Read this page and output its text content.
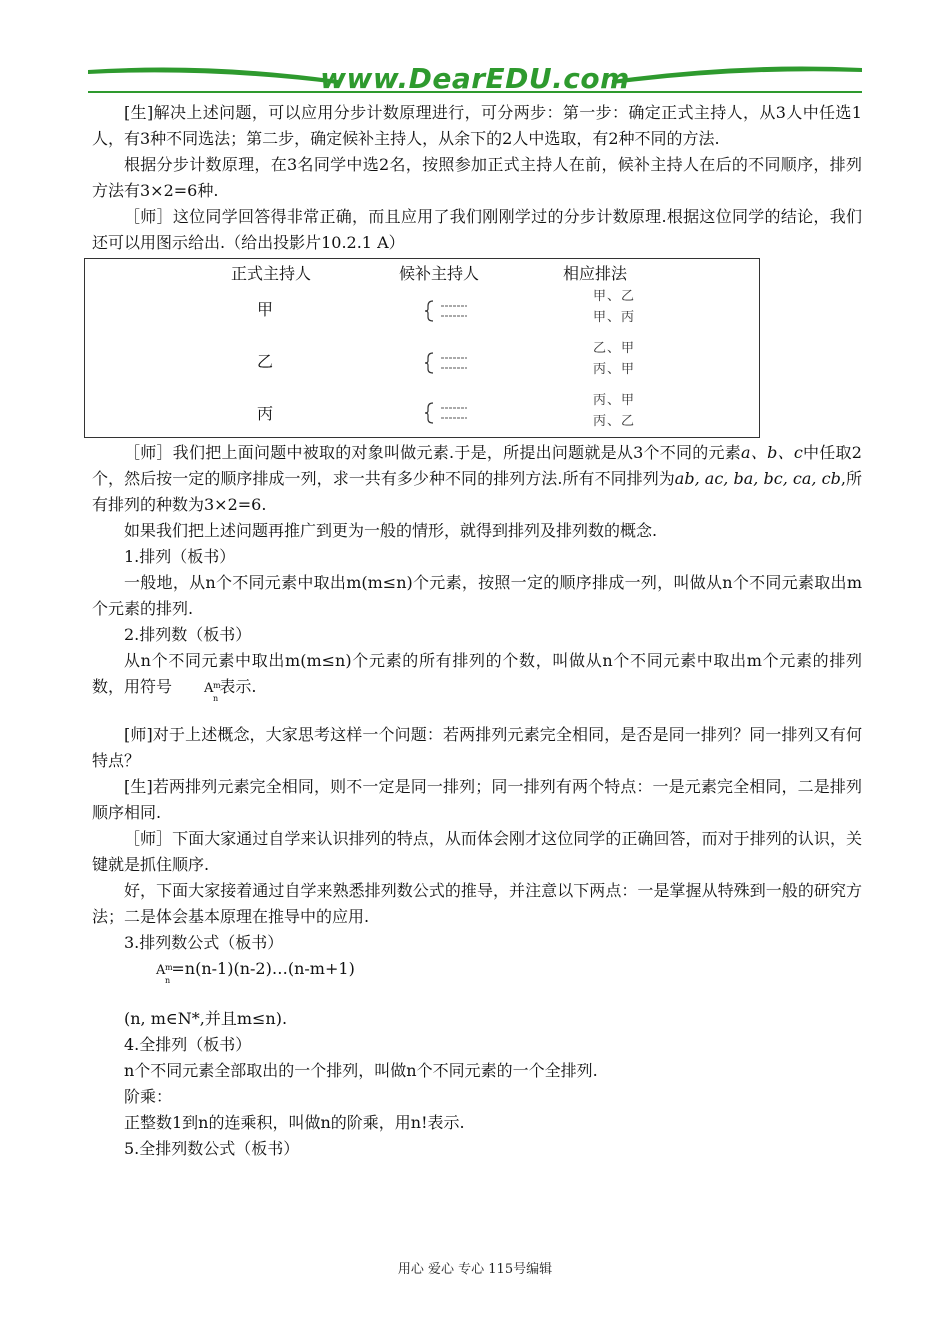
www.DearEDU.com

[生]解决上述问题，可以应用分步计数原理进行，可分两步：第一步：确定正式主持人，从3人中任选1人，有3种不同选法；第二步，确定候补主持人，从余下的2人中选取，有2种不同的方法.

根据分步计数原理，在3名同学中选2名，按照参加正式主持人在前，候补主持人在后的不同顺序，排列方法有3×2=6种.

［师］这位同学回答得非常正确，而且应用了我们刚刚学过的分步计数原理.根据这位同学的结论，我们还可以用图示给出.（给出投影片10.2.1 A）

正式主持人	候补主持人	相应排法
甲
甲、乙
甲、丙
乙
乙、甲
丙、甲
丙
丙、甲
丙、乙

［师］我们把上面问题中被取的对象叫做元素.于是，所提出问题就是从3个不同的元素a、b、c中任取2个，然后按一定的顺序排成一列，求一共有多少种不同的排列方法.所有不同排列为ab, ac, ba, bc, ca, cb,所有排列的种数为3×2=6.

如果我们把上述问题再推广到更为一般的情形，就得到排列及排列数的概念.

1.排列（板书）

一般地，从n个不同元素中取出m(m≤n)个元素，按照一定的顺序排成一列，叫做从n个不同元素取出m个元素的排列.

2.排列数（板书）

从n个不同元素中取出m(m≤n)个元素的所有排列的个数，叫做从n个不同元素中取出m个元素的排列数，用符号 A m
n
表示.

[师]对于上述概念，大家思考这样一个问题：若两排列元素完全相同，是否是同一排列？同一排列又有何特点？

[生]若两排列元素完全相同，则不一定是同一排列；同一排列有两个特点：一是元素完全相同，二是排列顺序相同.

［师］下面大家通过自学来认识排列的特点，从而体会刚才这位同学的正确回答，而对于排列的认识，关键就是抓住顺序.

好，下面大家接着通过自学来熟悉排列数公式的推导，并注意以下两点：一是掌握从特殊到一般的研究方法；二是体会基本原理在推导中的应用.

3.排列数公式（板书）

A m
n
=n(n-1)(n-2)…(n-m+1)

(n, m∈N*,并且m≤n).

4.全排列（板书）

n个不同元素全部取出的一个排列，叫做n个不同元素的一个全排列.

阶乘：

正整数1到n的连乘积，叫做n的阶乘，用n!表示.

5.全排列数公式（板书）

用心 爱心 专心 115号编辑
